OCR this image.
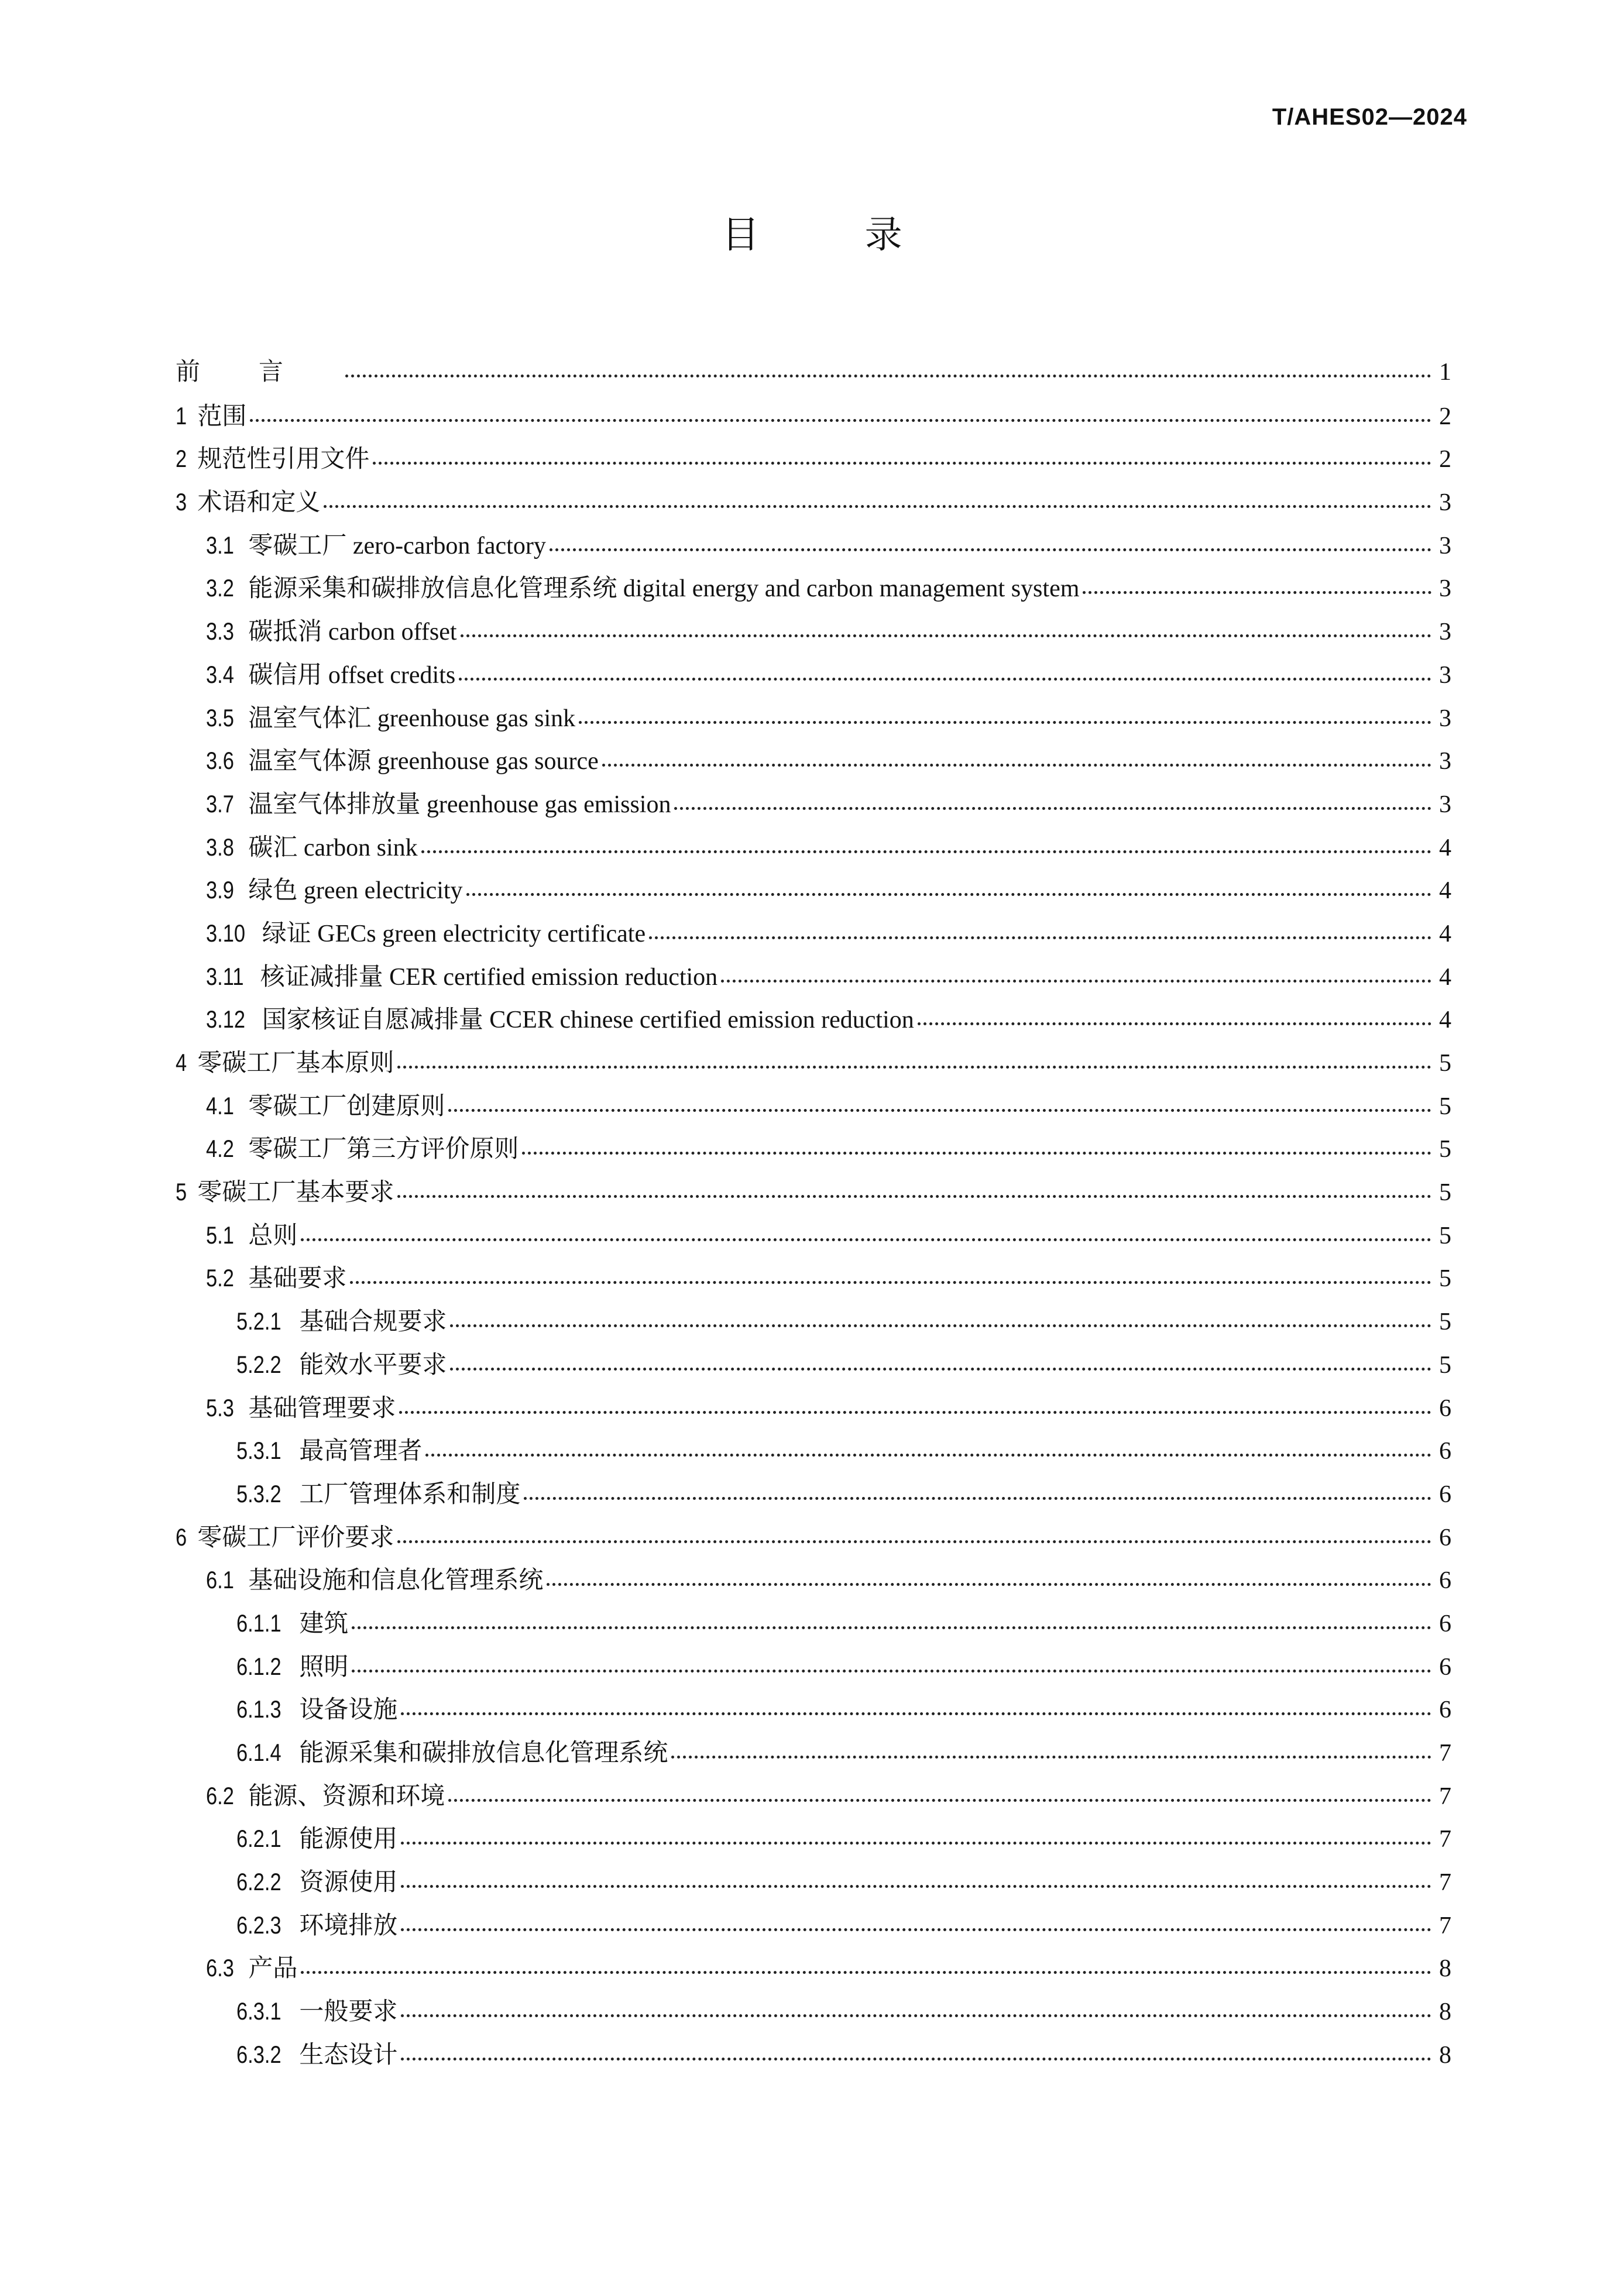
T/AHES02—2024
目 录
前言	1
1 范围	2
2 规范性引用文件	2
3 术语和定义	3
3.1 零碳工厂 zero-carbon factory	3
3.2 能源采集和碳排放信息化管理系统 digital energy and carbon management system	3
3.3 碳抵消 carbon offset	3
3.4 碳信用 offset credits	3
3.5 温室气体汇 greenhouse gas sink	3
3.6 温室气体源 greenhouse gas source	3
3.7 温室气体排放量 greenhouse gas emission	3
3.8 碳汇 carbon sink	4
3.9 绿色 green electricity	4
3.10 绿证 GECs green electricity certificate	4
3.11 核证减排量 CER certified emission reduction	4
3.12 国家核证自愿减排量 CCER chinese certified emission reduction	4
4 零碳工厂基本原则	5
4.1 零碳工厂创建原则	5
4.2 零碳工厂第三方评价原则	5
5 零碳工厂基本要求	5
5.1 总则	5
5.2 基础要求	5
5.2.1 基础合规要求	5
5.2.2 能效水平要求	5
5.3 基础管理要求	6
5.3.1 最高管理者	6
5.3.2 工厂管理体系和制度	6
6 零碳工厂评价要求	6
6.1 基础设施和信息化管理系统	6
6.1.1 建筑	6
6.1.2 照明	6
6.1.3 设备设施	6
6.1.4 能源采集和碳排放信息化管理系统	7
6.2 能源、资源和环境	7
6.2.1 能源使用	7
6.2.2 资源使用	7
6.2.3 环境排放	7
6.3 产品	8
6.3.1 一般要求	8
6.3.2 生态设计	8
